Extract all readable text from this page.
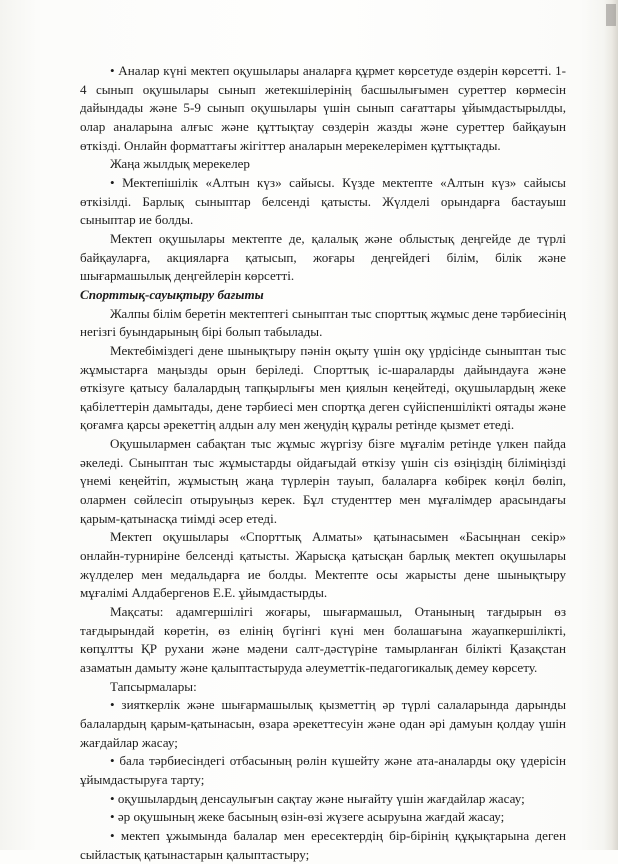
• Аналар күні мектеп оқушылары аналарға құрмет көрсетуде өздерін көрсетті. 1-4 сынып оқушылары сынып жетекшілерінің басшылығымен суреттер көрмесін дайындады және 5-9 сынып оқушылары үшін сынып сағаттары ұйымдастырылды, олар аналарына алғыс және құттықтау сөздерін жазды және суреттер байқауын өткізді. Онлайн форматтағы жігіттер аналарын мерекелерімен құттықтады.

Жаңа жылдық мерекелер

• Мектепішілік «Алтын күз» сайысы. Күзде мектепте «Алтын күз» сайысы өткізілді. Барлық сыныптар белсенді қатысты. Жүлделі орындарға бастауыш сыныптар ие болды.

Мектеп оқушылары мектепте де, қалалық және облыстық деңгейде де түрлі байқауларға, акцияларға қатысып, жоғары деңгейдегі білім, білік және шығармашылық деңгейлерін көрсетті.

Спорттық-сауықтыру бағыты

Жалпы білім беретін мектептегі сыныптан тыс спорттық жұмыс дене тәрбиесінің негізгі буындарының бірі болып табылады.

Мектебіміздегі дене шынықтыру пәнін оқыту үшін оқу үрдісінде сыныптан тыс жұмыстарға маңызды орын беріледі. Спорттық іс-шараларды дайындауға және өткізуге қатысу балалардың тапқырлығы мен қиялын кеңейтеді, оқушылардың жеке қабілеттерін дамытады, дене тәрбиесі мен спортқа деген сүйіспеншілікті оятады және қоғамға қарсы әрекеттің алдын алу мен жеңудің құралы ретінде қызмет етеді.

Оқушылармен сабақтан тыс жұмыс жүргізу бізге мұғалім ретінде үлкен пайда әкеледі. Сыныптан тыс жұмыстарды ойдағыдай өткізу үшін сіз өзіңіздің біліміңізді үнемі кеңейтіп, жұмыстың жаңа түрлерін тауып, балаларға көбірек көңіл бөліп, олармен сөйлесіп отыруыңыз керек. Бұл студенттер мен мұғалімдер арасындағы қарым-қатынасқа тиімді әсер етеді.

Мектеп оқушылары «Спорттық Алматы» қатынасымен «Басыңнан секір» онлайн-турниріне белсенді қатысты. Жарысқа қатысқан барлық мектеп оқушылары жүлделер мен медальдарға ие болды. Мектепте осы жарысты дене шынықтыру мұғалімі Алдабергенов Е.Е. ұйымдастырды.

Мақсаты: адамгершілігі жоғары, шығармашыл, Отанының тағдырын өз тағдырындай көретін, өз елінің бүгінгі күні мен болашағына жауапкершілікті, көпұлтты ҚР рухани және мәдени салт-дәстүріне тамырланған білікті Қазақстан азаматын дамыту және қалыптастыруда әлеуметтік-педагогикалық демеу көрсету.

Тапсырмалары:

• зияткерлік және шығармашылық қызметтің әр түрлі салаларында дарынды балалардың қарым-қатынасын, өзара әрекеттесуін және одан әрі дамуын қолдау үшін жағдайлар жасау;

• бала тәрбиесіндегі отбасының рөлін күшейту және ата-аналарды оқу үдерісін ұйымдастыруға тарту;

• оқушылардың денсаулығын сақтау және нығайту үшін жағдайлар жасау;

• әр оқушының жеке басының өзін-өзі жүзеге асыруына жағдай жасау;

• мектеп ұжымында балалар мен ересектердің бір-бірінің құқықтарына деген сыйластық қатынастарын қалыптастыру;
